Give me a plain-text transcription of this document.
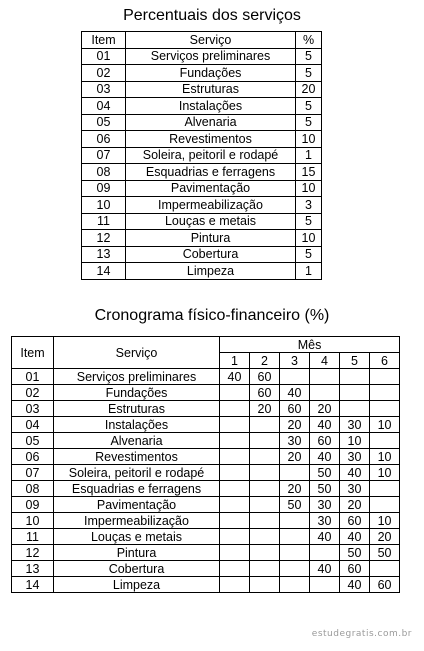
Percentuais dos serviços
Item	Serviço	%
01	Serviços preliminares	5
02	Fundações	5
03	Estruturas	20
04	Instalações	5
05	Alvenaria	5
06	Revestimentos	10
07	Soleira, peitoril e rodapé	1
08	Esquadrias e ferragens	15
09	Pavimentação	10
10	Impermeabilização	3
11	Louças e metais	5
12	Pintura	10
13	Cobertura	5
14	Limpeza	1
Cronograma físico-financeiro (%)
Item	Serviço	Mês					
		1	2	3	4	5	6
01	Serviços preliminares	40	60				
02	Fundações		60	40			
03	Estruturas		20	60	20		
04	Instalações			20	40	30	10
05	Alvenaria			30	60	10	
06	Revestimentos			20	40	30	10
07	Soleira, peitoril e rodapé				50	40	10
08	Esquadrias e ferragens			20	50	30	
09	Pavimentação			50	30	20	
10	Impermeabilização				30	60	10
11	Louças e metais				40	40	20
12	Pintura					50	50
13	Cobertura				40	60	
14	Limpeza					40	60
estudegratis.com.br
